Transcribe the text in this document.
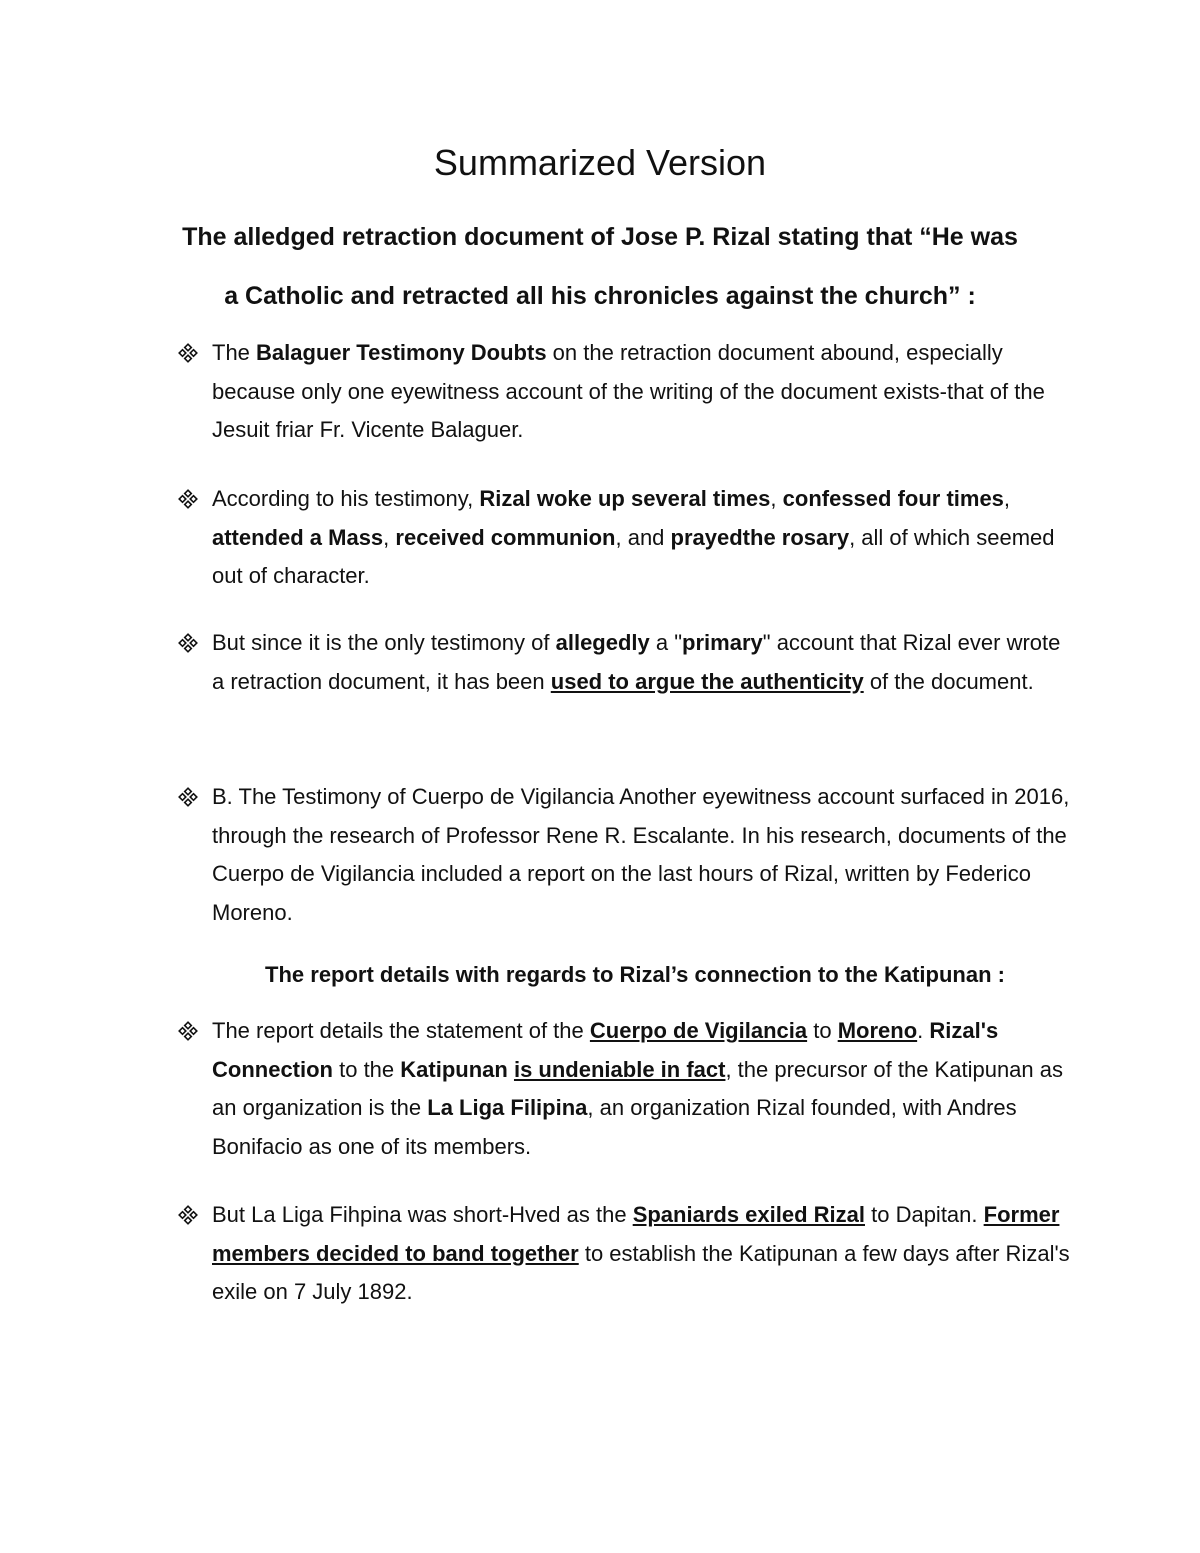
Summarized Version
The alledged retraction document of Jose P. Rizal stating that “He was
a Catholic and retracted all his chronicles against the church” :
The Balaguer Testimony Doubts on the retraction document abound, especially because only one eyewitness account of the writing of the document exists-that of the Jesuit friar Fr. Vicente Balaguer.
According to his testimony, Rizal woke up several times, confessed four times, attended a Mass, received communion, and prayedthe rosary, all of which seemed out of character.
But since it is the only testimony of allegedly a "primary" account that Rizal ever wrote a retraction document, it has been used to argue the authenticity of the document.
B. The Testimony of Cuerpo de Vigilancia Another eyewitness account surfaced in 2016, through the research of Professor Rene R. Escalante. In his research, documents of the Cuerpo de Vigilancia included a report on the last hours of Rizal, written by Federico Moreno.
The report details the statement of the Cuerpo de Vigilancia to Moreno. Rizal's Connection to the Katipunan is undeniable in fact, the precursor of the Katipunan as an organization is the La Liga Filipina, an organization Rizal founded, with Andres Bonifacio as one of its members.
But La Liga Fihpina was short-Hved as the Spaniards exiled Rizal to Dapitan. Former members decided to band together to establish the Katipunan a few days after Rizal's exile on 7 July 1892.
The report details with regards to Rizal’s connection to the Katipunan :
